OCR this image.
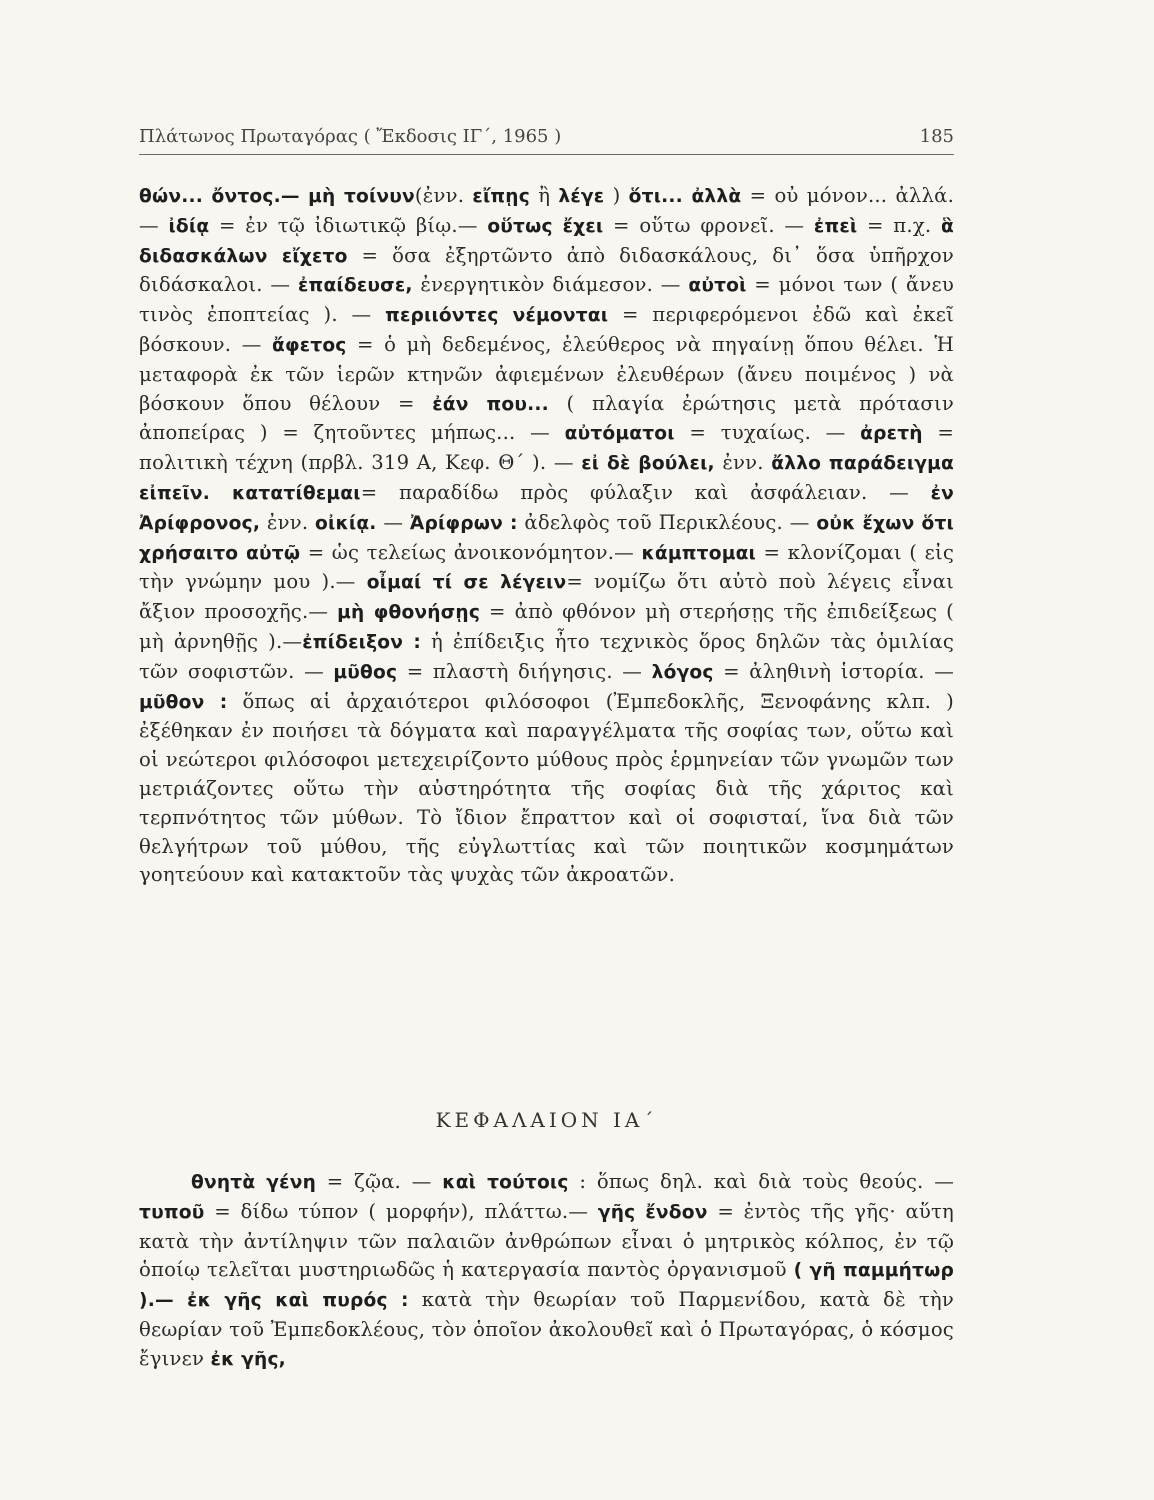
Πλάτωνος Πρωταγόρας ( Ἔκδοσις ΙΓ΄, 1965 )	185

θών... ὄντος.— μὴ τοίνυν(ἐνν. εἴπῃς ἢ λέγε ) ὅτι... ἀλλὰ = οὐ μόνον... ἀλλά. — ἰδίᾳ = ἐν τῷ ἰδιωτικῷ βίῳ.— οὕτως ἔχει = οὕτω φρονεῖ. — ἐπεὶ = π.χ. ἃ διδασκάλων εἴχετο = ὅσα ἐξηρτῶντο ἀπὸ διδασκάλους, δι᾽ ὅσα ὑπῆρχον διδάσκαλοι. — ἐπαίδευσε, ἐνεργητικὸν διάμεσον. — αὐτοὶ = μόνοι των ( ἄνευ τινὸς ἐποπτείας ). — περιιόντες νέμονται = περιφερόμενοι ἐδῶ καὶ ἐκεῖ βόσκουν. — ἄφετος = ὁ μὴ δεδεμένος, ἐλεύθερος νὰ πηγαίνῃ ὅπου θέλει. Ἡ μεταφορὰ ἐκ τῶν ἱερῶν κτηνῶν ἀφιεμένων ἐλευθέρων (ἄνευ ποιμένος ) νὰ βόσκουν ὅπου θέλουν = ἐάν που... ( πλαγία ἐρώτησις μετὰ πρότασιν ἀποπείρας ) = ζητοῦντες μήπως... — αὐτόματοι = τυχαίως. — ἀρετὴ = πολιτικὴ τέχνη (πρβλ. 319 Α, Κεφ. Θ΄ ). — εἰ δὲ βούλει, ἐνν. ἄλλο παράδειγμα εἰπεῖν. κατατίθεμαι= παραδίδω πρὸς φύλαξιν καὶ ἀσφάλειαν. — ἐν Ἀρίφρονος, ἐνν. οἰκίᾳ. — Ἀρίφρων : ἀδελφὸς τοῦ Περικλέους. — οὐκ ἔχων ὅτι χρήσαιτο αὐτῷ = ὡς τελείως ἀνοικονόμητον.— κάμπτομαι = κλονίζομαι ( εἰς τὴν γνώμην μου ).— οἶμαί τί σε λέγειν= νομίζω ὅτι αὐτὸ ποὺ λέγεις εἶναι ἄξιον προσοχῆς.— μὴ φθονήσῃς = ἀπὸ φθόνον μὴ στερήσῃς τῆς ἐπιδείξεως ( μὴ ἀρνηθῇς ).—ἐπίδειξον : ἡ ἐπίδειξις ἦτο τεχνικὸς ὅρος δηλῶν τὰς ὁμιλίας τῶν σοφιστῶν. — μῦθος = πλαστὴ διήγησις. — λόγος = ἀληθινὴ ἱστορία. — μῦθον : ὅπως αἱ ἀρχαιότεροι φιλόσοφοι (Ἐμπεδοκλῆς, Ξενοφάνης κλπ. ) ἐξέθηκαν ἐν ποιήσει τὰ δόγματα καὶ παραγγέλματα τῆς σοφίας των, οὕτω καὶ οἱ νεώτεροι φιλόσοφοι μετεχειρίζοντο μύθους πρὸς ἑρμηνείαν τῶν γνωμῶν των μετριάζοντες οὕτω τὴν αὐστηρότητα τῆς σοφίας διὰ τῆς χάριτος καὶ τερπνότητος τῶν μύθων. Τὸ ἴδιον ἔπραττον καὶ οἱ σοφισταί, ἵνα διὰ τῶν θελγήτρων τοῦ μύθου, τῆς εὐγλωττίας καὶ τῶν ποιητικῶν κοσμημάτων γοητεύουν καὶ κατακτοῦν τὰς ψυχὰς τῶν ἀκροατῶν.

ΚΕΦΑΛΑΙΟΝ ΙΑ΄

θνητὰ γένη = ζῷα. — καὶ τούτοις : ὅπως δηλ. καὶ διὰ τοὺς θεούς. — τυποῦ = δίδω τύπον ( μορφήν), πλάττω.— γῆς ἔνδον = ἐντὸς τῆς γῆς· αὕτη κατὰ τὴν ἀντίληψιν τῶν παλαιῶν ἀνθρώπων εἶναι ὁ μητρικὸς κόλπος, ἐν τῷ ὁποίῳ τελεῖται μυστηριωδῶς ἡ κατεργασία παντὸς ὀργανισμοῦ ( γῆ παμμήτωρ ).— ἐκ γῆς καὶ πυρός : κατὰ τὴν θεωρίαν τοῦ Παρμενίδου, κατὰ δὲ τὴν θεωρίαν τοῦ Ἐμπεδοκλέους, τὸν ὁποῖον ἀκολουθεῖ καὶ ὁ Πρωταγόρας, ὁ κόσμος ἔγινεν ἐκ γῆς,
